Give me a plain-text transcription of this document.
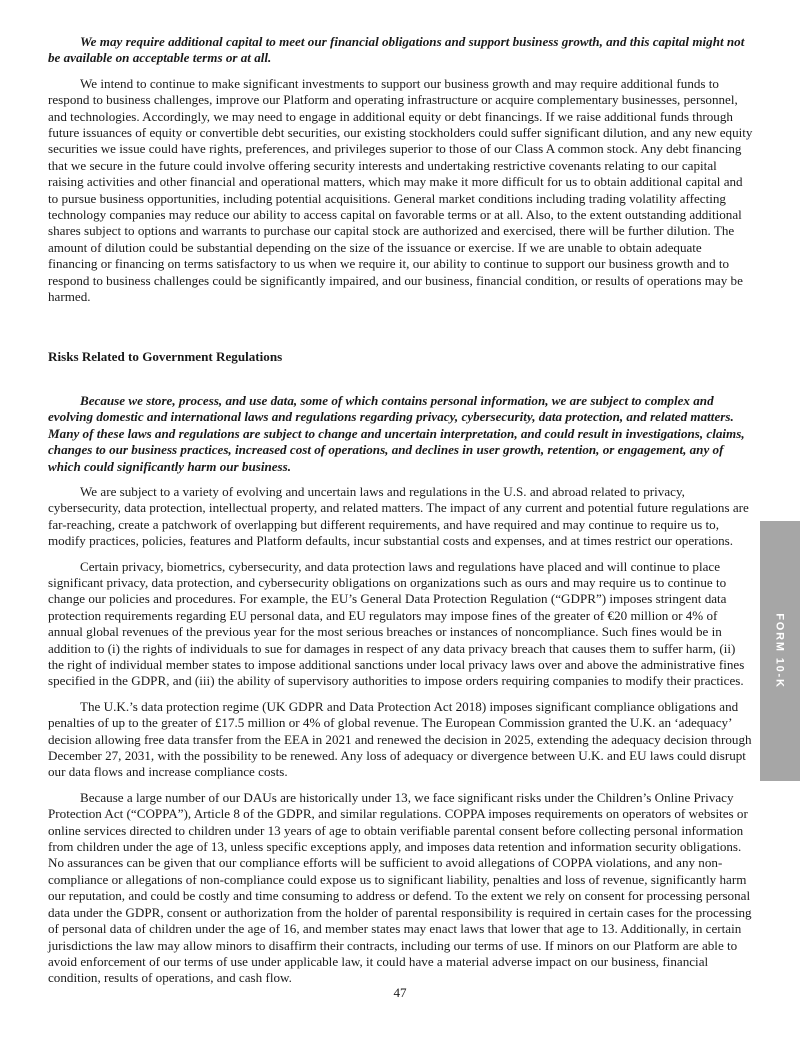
We may require additional capital to meet our financial obligations and support business growth, and this capital might not be available on acceptable terms or at all.

We intend to continue to make significant investments to support our business growth and may require additional funds to respond to business challenges, improve our Platform and operating infrastructure or acquire complementary businesses, personnel, and technologies. Accordingly, we may need to engage in additional equity or debt financings. If we raise additional funds through future issuances of equity or convertible debt securities, our existing stockholders could suffer significant dilution, and any new equity securities we issue could have rights, preferences, and privileges superior to those of our Class A common stock. Any debt financing that we secure in the future could involve offering security interests and undertaking restrictive covenants relating to our capital raising activities and other financial and operational matters, which may make it more difficult for us to obtain additional capital and to pursue business opportunities, including potential acquisitions. General market conditions including trading volatility affecting technology companies may reduce our ability to access capital on favorable terms or at all. Also, to the extent outstanding additional shares subject to options and warrants to purchase our capital stock are authorized and exercised, there will be further dilution. The amount of dilution could be substantial depending on the size of the issuance or exercise. If we are unable to obtain adequate financing or financing on terms satisfactory to us when we require it, our ability to continue to support our business growth and to respond to business challenges could be significantly impaired, and our business, financial condition, or results of operations may be harmed.

Risks Related to Government Regulations

Because we store, process, and use data, some of which contains personal information, we are subject to complex and evolving domestic and international laws and regulations regarding privacy, cybersecurity, data protection, and related matters. Many of these laws and regulations are subject to change and uncertain interpretation, and could result in investigations, claims, changes to our business practices, increased cost of operations, and declines in user growth, retention, or engagement, any of which could significantly harm our business.

We are subject to a variety of evolving and uncertain laws and regulations in the U.S. and abroad related to privacy, cybersecurity, data protection, intellectual property, and related matters. The impact of any current and potential future regulations are far-reaching, create a patchwork of overlapping but different requirements, and have required and may continue to require us to, modify practices, policies, features and Platform defaults, incur substantial costs and expenses, and at times restrict our operations.

Certain privacy, biometrics, cybersecurity, and data protection laws and regulations have placed and will continue to place significant privacy, data protection, and cybersecurity obligations on organizations such as ours and may require us to continue to change our policies and procedures. For example, the EU’s General Data Protection Regulation (“GDPR”) imposes stringent data protection requirements regarding EU personal data, and EU regulators may impose fines of the greater of €20 million or 4% of annual global revenues of the previous year for the most serious breaches or instances of noncompliance. Such fines would be in addition to (i) the rights of individuals to sue for damages in respect of any data privacy breach that causes them to suffer harm, (ii) the right of individual member states to impose additional sanctions under local privacy laws over and above the administrative fines specified in the GDPR, and (iii) the ability of supervisory authorities to impose orders requiring companies to modify their practices.

The U.K.’s data protection regime (UK GDPR and Data Protection Act 2018) imposes significant compliance obligations and penalties of up to the greater of £17.5 million or 4% of global revenue. The European Commission granted the U.K. an ‘adequacy’ decision allowing free data transfer from the EEA in 2021 and renewed the decision in 2025, extending the adequacy decision through December 27, 2031, with the possibility to be renewed. Any loss of adequacy or divergence between U.K. and EU laws could disrupt our data flows and increase compliance costs.

Because a large number of our DAUs are historically under 13, we face significant risks under the Children’s Online Privacy Protection Act (“COPPA”), Article 8 of the GDPR, and similar regulations. COPPA imposes requirements on operators of websites or online services directed to children under 13 years of age to obtain verifiable parental consent before collecting personal information from children under the age of 13, unless specific exceptions apply, and imposes data retention and information security obligations. No assurances can be given that our compliance efforts will be sufficient to avoid allegations of COPPA violations, and any non-compliance or allegations of non-compliance could expose us to significant liability, penalties and loss of revenue, significantly harm our reputation, and could be costly and time consuming to address or defend. To the extent we rely on consent for processing personal data under the GDPR, consent or authorization from the holder of parental responsibility is required in certain cases for the processing of personal data of children under the age of 16, and member states may enact laws that lower that age to 13. Additionally, in certain jurisdictions the law may allow minors to disaffirm their contracts, including our terms of use. If minors on our Platform are able to avoid enforcement of our terms of use under applicable law, it could have a material adverse impact on our business, financial condition, results of operations, and cash flow.

FORM 10-K
47
